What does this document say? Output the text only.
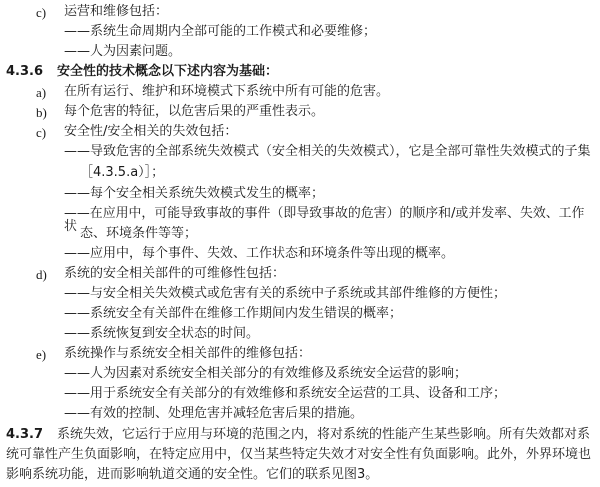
c) 运营和维修包括：
——系统生命周期内全部可能的工作模式和必要维修；
——人为因素问题。
4.3.6 安全性的技术概念以下述内容为基础：
a) 在所有运行、维护和环境模式下系统中所有可能的危害。
b) 每个危害的特征，以危害后果的严重性表示。
c) 安全性/安全相关的失效包括：
——导致危害的全部系统失效模式（安全相关的失效模式），它是全部可靠性失效模式的子集
［4.3.5.a）］；
——每个安全相关系统失效模式发生的概率；
——在应用中，可能导致事故的事件（即导致事故的危害）的顺序和/或并发率、失效、工作状 态、环境条件等等；
——应用中，每个事件、失效、工作状态和环境条件等出现的概率。
d) 系统的安全相关部件的可维修性包括：
——与安全相关失效模式或危害有关的系统中子系统或其部件维修的方便性；
——系统安全有关部件在维修工作期间内发生错误的概率；
——系统恢复到安全状态的时间。
e) 系统操作与系统安全相关部件的维修包括：
——人为因素对系统安全相关部分的有效维修及系统安全运营的影响；
——用于系统安全有关部分的有效维修和系统安全运营的工具、设备和工序；
——有效的控制、处理危害并减轻危害后果的措施。
4.3.7 系统失效，它运行于应用与环境的范围之内，将对系统的性能产生某些影响。所有失效都对系
统可靠性产生负面影响，在特定应用中，仅当某些特定失效才对安全性有负面影响。此外，外界环境也
影响系统功能，进而影响轨道交通的安全性。它们的联系见图3。
